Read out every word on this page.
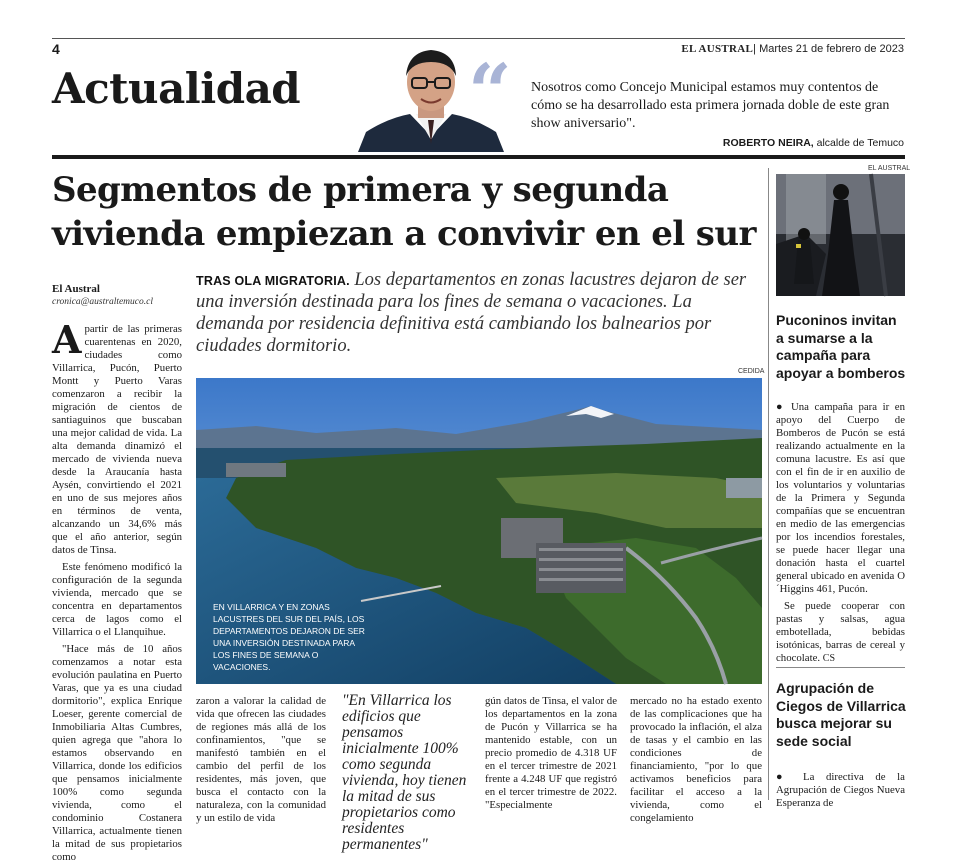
4	EL AUSTRAL| Martes 21 de febrero de 2023
Actualidad “ Nosotros como Concejo Municipal estamos muy contentos de cómo se ha desarrollado esta primera jornada doble de este gran show aniversario".
ROBERTO NEIRA, alcalde de Temuco
Segmentos de primera y segunda vivienda empiezan a convivir en el sur
El Austral
cronica@australtemuco.cl
TRAS OLA MIGRATORIA. Los departamentos en zonas lacustres dejaron de ser una inversión destinada para los fines de semana o vacaciones. La demanda por residencia definitiva está cambiando los balnearios por ciudades dormitorio.
CEDIDA
EN VILLARRICA Y EN ZONAS LACUSTRES DEL SUR DEL PAÍS, LOS DEPARTAMENTOS DEJARON DE SER UNA INVERSIÓN DESTINADA PARA LOS FINES DE SEMANA O VACACIONES.

Apartir de las primeras cuarentenas en 2020, ciudades como Villarrica, Pucón, Puerto Montt y Puerto Varas comenzaron a recibir la migración de cientos de santiaguinos que buscaban una mejor calidad de vida. La alta demanda dinamizó el mercado de vivienda nueva desde la Araucanía hasta Aysén, convirtiendo el 2021 en uno de sus mejores años en términos de venta, alcanzando un 34,6% más que el año anterior, según datos de Tinsa.

Este fenómeno modificó la configuración de la segunda vivienda, mercado que se concentra en departamentos cerca de lagos como el Villarrica o el Llanquihue.

"Hace más de 10 años comenzamos a notar esta evolución paulatina en Puerto Varas, que ya es una ciudad dormitorio", explica Enrique Loeser, gerente comercial de Inmobiliaria Altas Cumbres, quien agrega que "ahora lo estamos observando en Villarrica, donde los edificios que pensamos inicialmente 100% como segunda vivienda, como el condominio Costanera Villarrica, actualmente tienen la mitad de sus propietarios como

zaron a valorar la calidad de vida que ofrecen las ciudades de regiones más allá de los confinamientos, "que se manifestó también en el cambio del perfil de los residentes, más joven, que busca el contacto con la naturaleza, con la comunidad y un estilo de vida

"En Villarrica los edificios que pensamos inicialmente 100% como segunda vivienda, hoy tienen la mitad de sus propietarios como residentes permanentes"

gún datos de Tinsa, el valor de los departamentos en la zona de Pucón y Villarrica se ha mantenido estable, con un precio promedio de 4.318 UF en el tercer trimestre de 2021 frente a 4.248 UF que registró en el tercer trimestre de 2022. "Especialmente

mercado no ha estado exento de las complicaciones que ha provocado la inflación, el alza de tasas y el cambio en las condiciones de financiamiento, "por lo que activamos beneficios para facilitar el acceso a la vivienda, como el congelamiento

EL AUSTRAL
Puconinos invitan a sumarse a la campaña para apoyar a bomberos

● Una campaña para ir en apoyo del Cuerpo de Bomberos de Pucón se está realizando actualmente en la comuna lacustre. Es así que con el fin de ir en auxilio de los voluntarios y voluntarias de la Primera y Segunda compañías que se encuentran en medio de las emergencias por los incendios forestales, se puede hacer llegar una donación hasta el cuartel general ubicado en avenida O´Higgins 461, Pucón.

Se puede cooperar con pastas y salsas, agua embotellada, bebidas isotónicas, barras de cereal y chocolate. CS

Agrupación de Ciegos de Villarrica busca mejorar su sede social
● La directiva de la Agrupación de Ciegos Nueva Esperanza de
